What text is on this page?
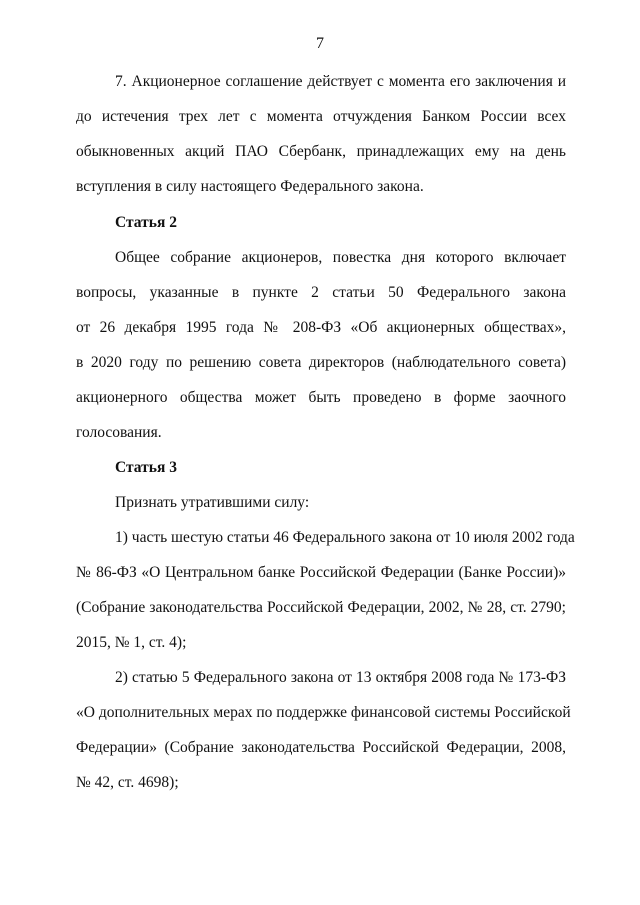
7
7. Акционерное соглашение действует с момента его заключения и
до истечения трех лет с момента отчуждения Банком России всех
обыкновенных акций ПАО Сбербанк, принадлежащих ему на день
вступления в силу настоящего Федерального закона.
Статья 2
Общее собрание акционеров, повестка дня которого включает
вопросы, указанные в пункте 2 статьи 50 Федерального закона
от 26 декабря 1995 года № 208-ФЗ «Об акционерных обществах»,
в 2020 году по решению совета директоров (наблюдательного совета)
акционерного общества может быть проведено в форме заочного
голосования.
Статья 3
Признать утратившими силу:
1) часть шестую статьи 46 Федерального закона от 10 июля 2002 года
№ 86-ФЗ «О Центральном банке Российской Федерации (Банке России)»
(Собрание законодательства Российской Федерации, 2002, № 28, ст. 2790;
2015, № 1, ст. 4);
2) статью 5 Федерального закона от 13 октября 2008 года № 173-ФЗ
«О дополнительных мерах по поддержке финансовой системы Российской
Федерации» (Собрание законодательства Российской Федерации, 2008,
№ 42, ст. 4698);
